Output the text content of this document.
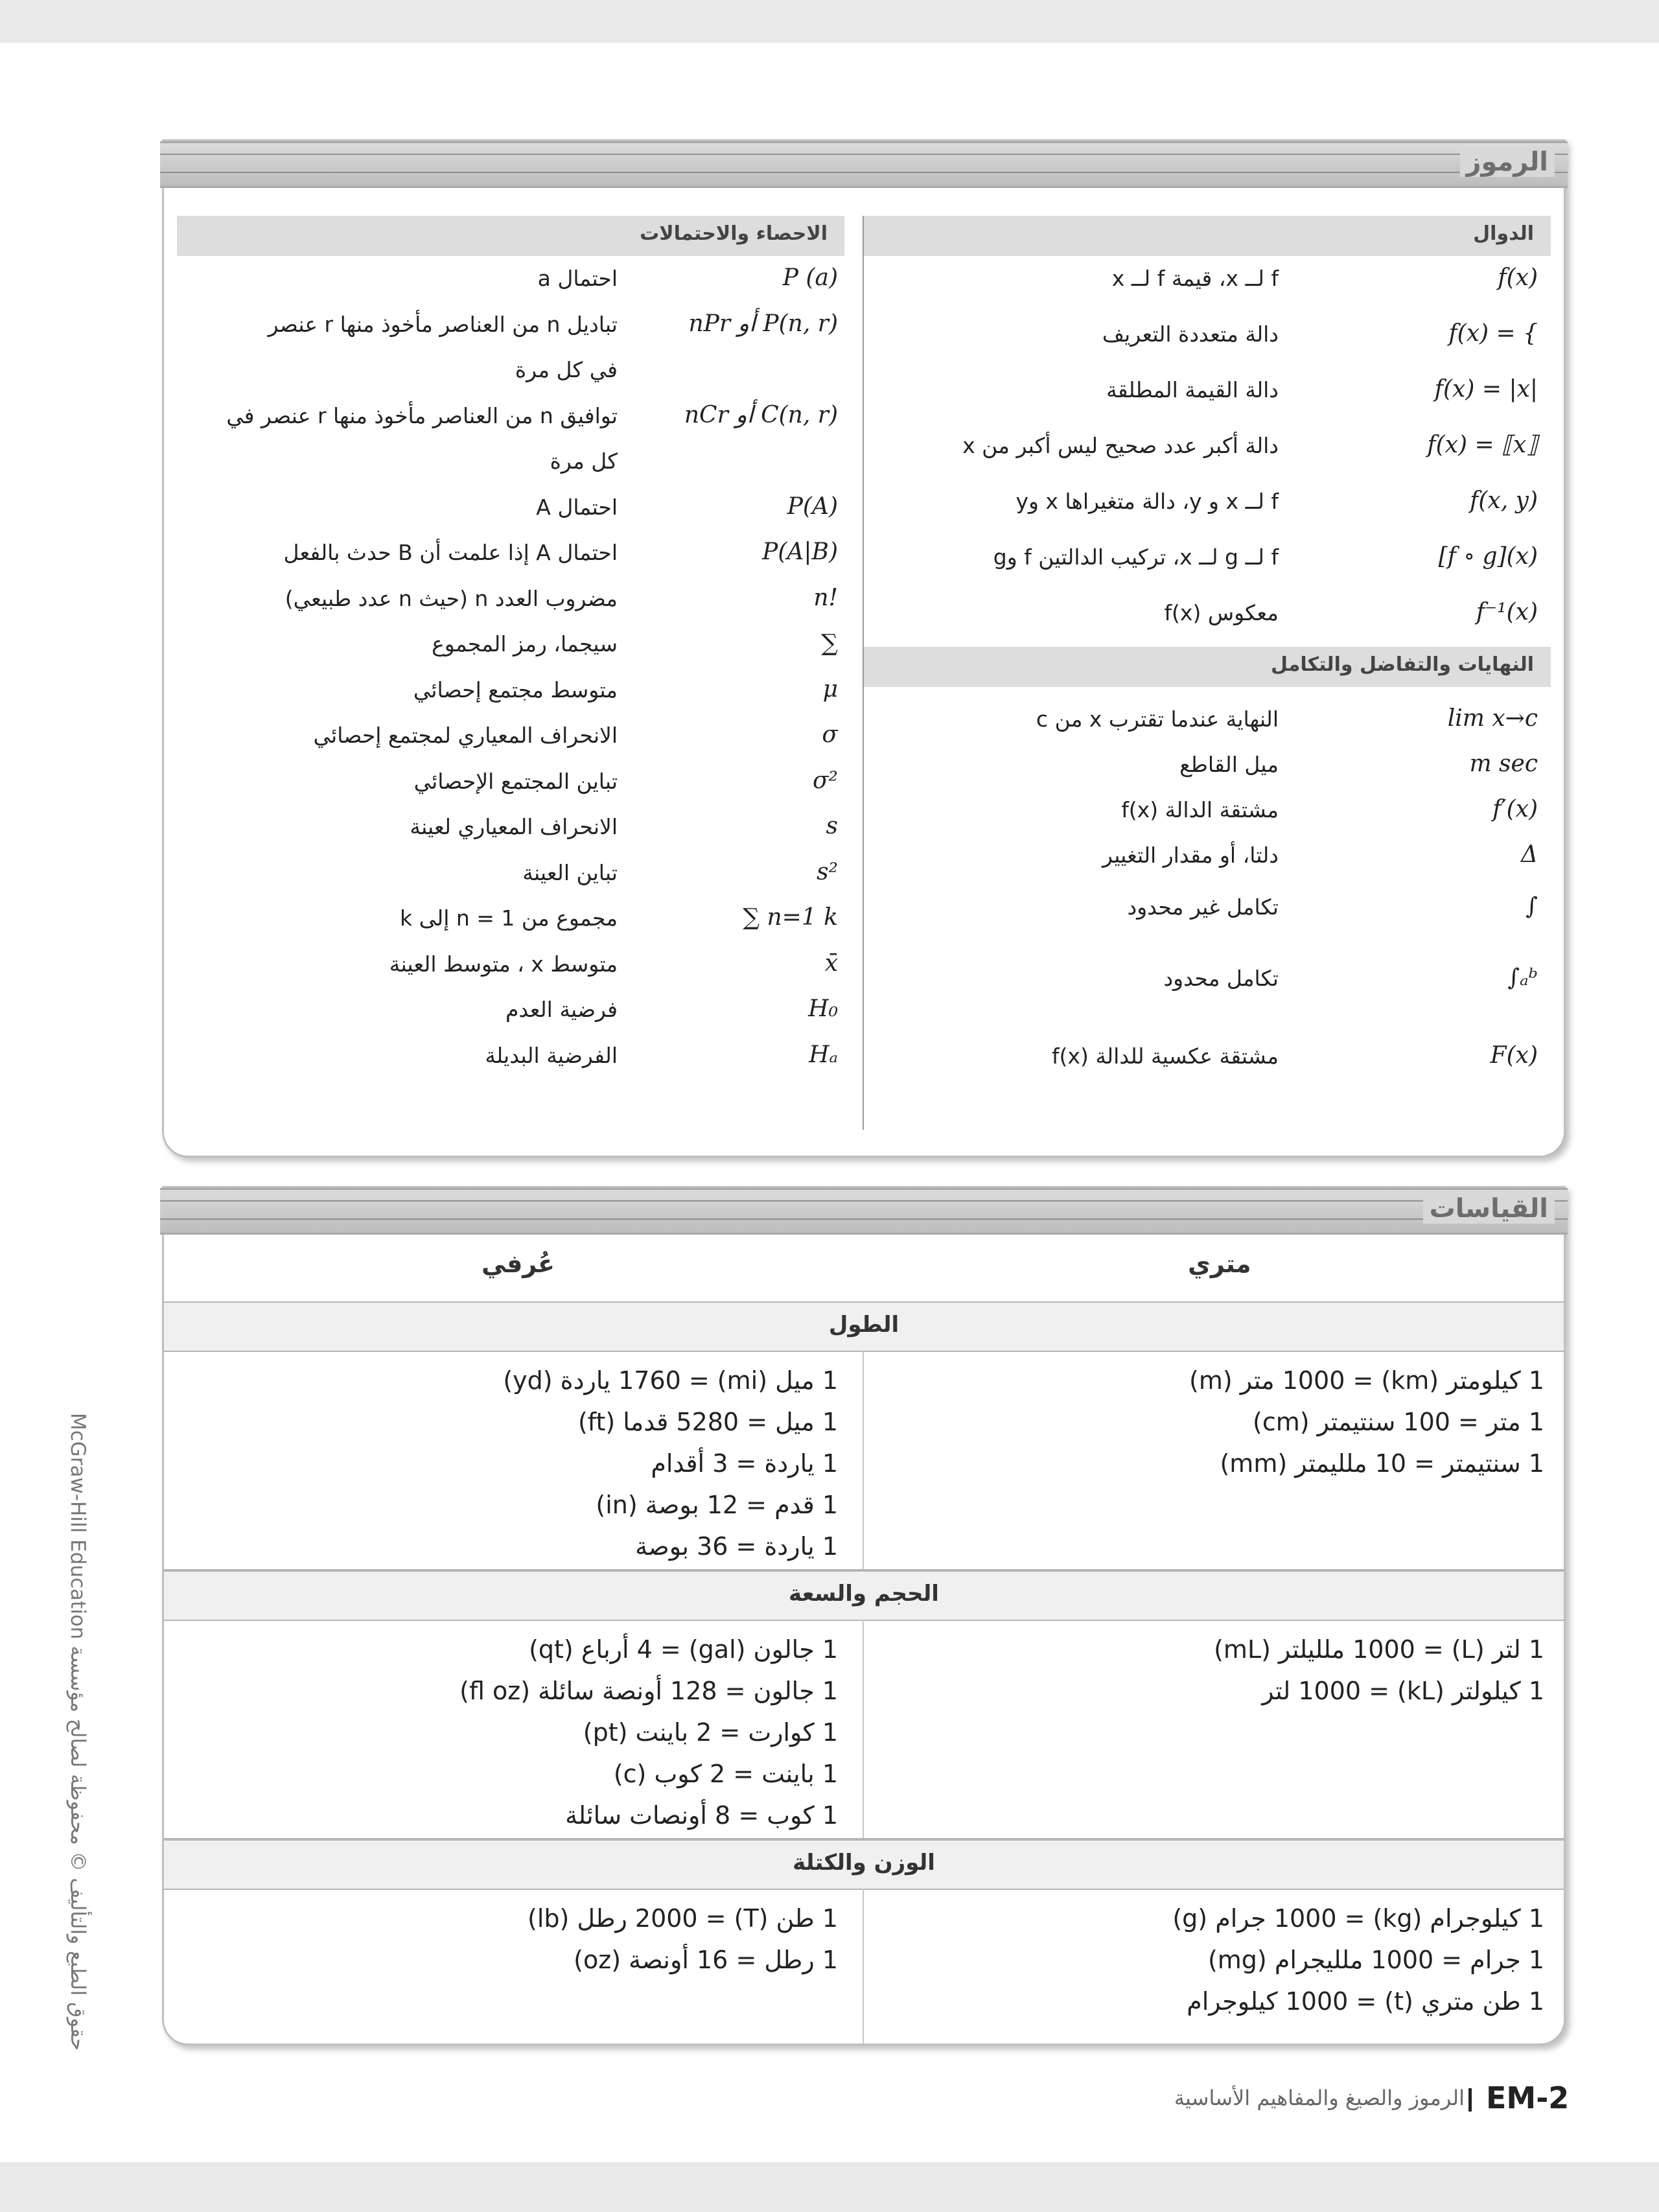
الرموز
الدوال
f(x)
f لــ x، قيمة f لــ x
f(x) = {
دالة متعددة التعريف
f(x) = |x|
دالة القيمة المطلقة
f(x) = ⟦x⟧
دالة أكبر عدد صحيح ليس أكبر من x
f(x, y)
f لــ x و y، دالة متغيراها x وy
[f ∘ g](x)
f لــ g لــ x، تركيب الدالتين f وg
f⁻¹(x)
معكوس f(x)
النهايات والتفاضل والتكامل
lim x→c
النهاية عندما تقترب x من c
m sec
ميل القاطع
f′(x)
مشتقة الدالة f(x)
Δ
دلتا، أو مقدار التغيير
∫
تكامل غير محدود
∫ₐᵇ
تكامل محدود
F(x)
مشتقة عكسية للدالة f(x)
الاحصاء والاحتمالات
P (a)
احتمال a
nPr أو P(n, r)
تباديل n من العناصر مأخوذ منها r عنصر
في كل مرة
nCr أو C(n, r)
توافيق n من العناصر مأخوذ منها r عنصر في
كل مرة
P(A)
احتمال A
P(A|B)
احتمال A إذا علمت أن B حدث بالفعل
n!
مضروب العدد n (حيث n عدد طبيعي)
∑
سيجما، رمز المجموع
μ
متوسط مجتمع إحصائي
σ
الانحراف المعياري لمجتمع إحصائي
σ²
تباين المجتمع الإحصائي
s
الانحراف المعياري لعينة
s²
تباين العينة
∑ n=1 k
مجموع من n = 1 إلى k
x̄
متوسط x ، متوسط العينة
H₀
فرضية العدم
Hₐ
الفرضية البديلة
القياسات
متري
عُرفي
الطول
1 كيلومتر (km) = 1000 متر (m)
1 متر = 100 سنتيمتر (cm)
1 سنتيمتر = 10 ملليمتر (mm)
1 ميل (mi) = 1760 ياردة (yd)
1 ميل = 5280 قدما (ft)
1 ياردة = 3 أقدام
1 قدم = 12 بوصة (in)
1 ياردة = 36 بوصة
الحجم والسعة
1 لتر (L) = 1000 ملليلتر (mL)
1 كيلولتر (kL) = 1000 لتر
1 جالون (gal) = 4 أرباع (qt)
1 جالون = 128 أونصة سائلة (fl oz)
1 كوارت = 2 باينت (pt)
1 باينت = 2 كوب (c)
1 كوب = 8 أونصات سائلة
الوزن والكتلة
1 كيلوجرام (kg) = 1000 جرام (g)
1 جرام = 1000 ملليجرام (mg)
1 طن متري (t) = 1000 كيلوجرام
1 طن (T) = 2000 رطل (lb)
1 رطل = 16 أونصة (oz)
McGraw-Hill Education حقوق الطبع والتأليف © محفوظة لصالح مؤسسة
الرموز والصيغ والمفاهيم الأساسية EM-2
